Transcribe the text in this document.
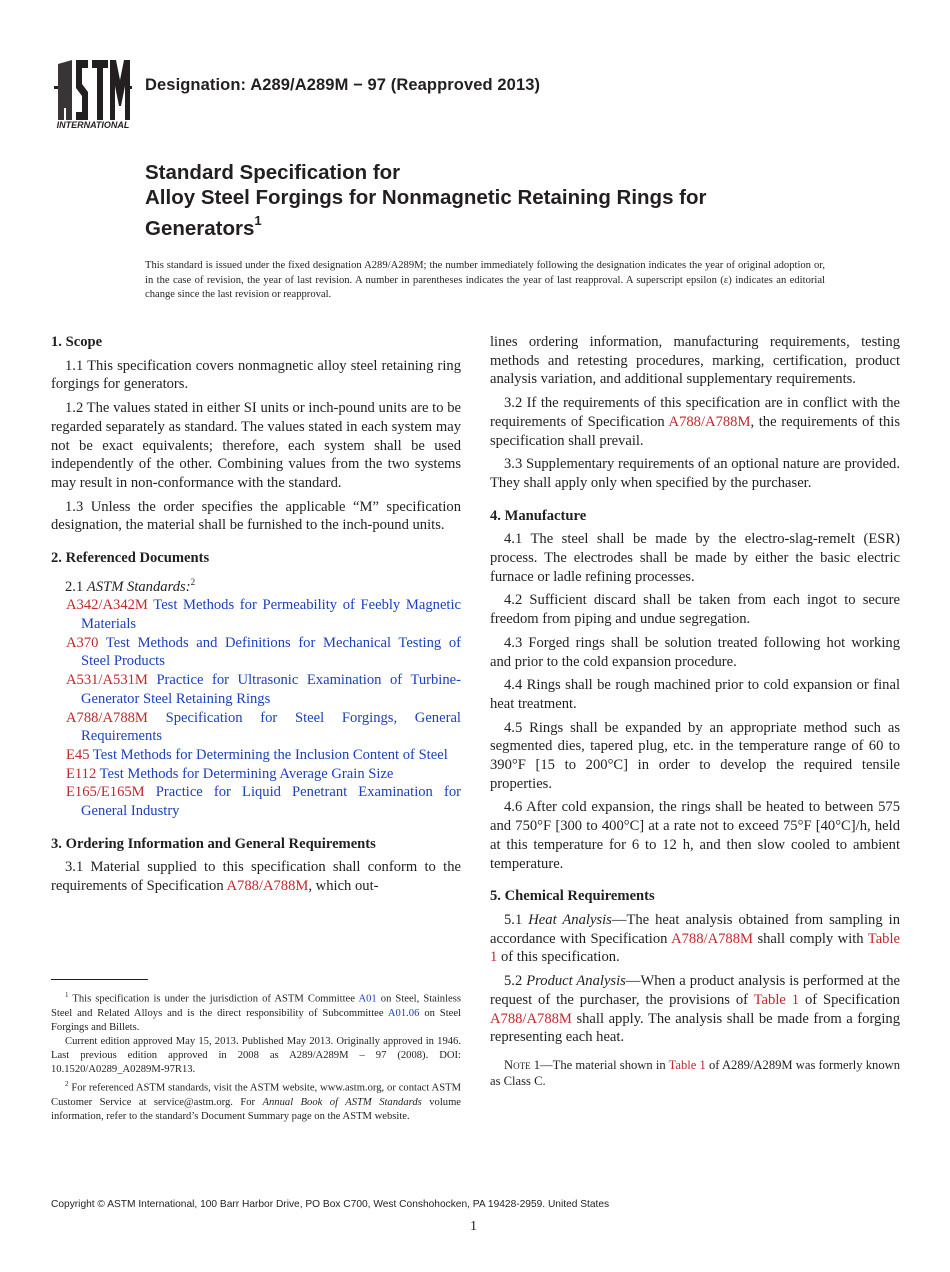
INTERNATIONAL
Designation: A289/A289M − 97 (Reapproved 2013)
Standard Specification for
Alloy Steel Forgings for Nonmagnetic Retaining Rings for
Generators$^1$
This standard is issued under the fixed designation A289/A289M; the number immediately following the designation indicates the year of original adoption or, in the case of revision, the year of last revision. A number in parentheses indicates the year of last reapproval. A superscript epsilon (ε) indicates an editorial change since the last revision or reapproval.
1. Scope

1.1 This specification covers nonmagnetic alloy steel retaining ring forgings for generators.

1.2 The values stated in either SI units or inch-pound units are to be regarded separately as standard. The values stated in each system may not be exact equivalents; therefore, each system shall be used independently of the other. Combining values from the two systems may result in non-conformance with the standard.

1.3 Unless the order specifies the applicable “M” specification designation, the material shall be furnished to the inch-pound units.

2. Referenced Documents

2.1 ASTM Standards:$^2$

A342/A342M Test Methods for Permeability of Feebly Magnetic Materials

A370 Test Methods and Definitions for Mechanical Testing of Steel Products

A531/A531M Practice for Ultrasonic Examination of Turbine-Generator Steel Retaining Rings

A788/A788M Specification for Steel Forgings, General Requirements

E45 Test Methods for Determining the Inclusion Content of Steel

E112 Test Methods for Determining Average Grain Size

E165/E165M Practice for Liquid Penetrant Examination for General Industry

3. Ordering Information and General Requirements

3.1 Material supplied to this specification shall conform to the requirements of Specification A788/A788M, which out-

$^1$ This specification is under the jurisdiction of ASTM Committee A01 on Steel, Stainless Steel and Related Alloys and is the direct responsibility of Subcommittee A01.06 on Steel Forgings and Billets.

Current edition approved May 15, 2013. Published May 2013. Originally approved in 1946. Last previous edition approved in 2008 as A289/A289M – 97 (2008). DOI: 10.1520/A0289_A0289M-97R13.

$^2$ For referenced ASTM standards, visit the ASTM website, www.astm.org, or contact ASTM Customer Service at service@astm.org. For Annual Book of ASTM Standards volume information, refer to the standard’s Document Summary page on the ASTM website.

lines ordering information, manufacturing requirements, testing methods and retesting procedures, marking, certification, product analysis variation, and additional supplementary requirements.

3.2 If the requirements of this specification are in conflict with the requirements of Specification A788/A788M, the requirements of this specification shall prevail.

3.3 Supplementary requirements of an optional nature are provided. They shall apply only when specified by the purchaser.

4. Manufacture

4.1 The steel shall be made by the electro-slag-remelt (ESR) process. The electrodes shall be made by either the basic electric furnace or ladle refining processes.

4.2 Sufficient discard shall be taken from each ingot to secure freedom from piping and undue segregation.

4.3 Forged rings shall be solution treated following hot working and prior to the cold expansion procedure.

4.4 Rings shall be rough machined prior to cold expansion or final heat treatment.

4.5 Rings shall be expanded by an appropriate method such as segmented dies, tapered plug, etc. in the temperature range of 60 to 390°F [15 to 200°C] in order to develop the required tensile properties.

4.6 After cold expansion, the rings shall be heated to between 575 and 750°F [300 to 400°C] at a rate not to exceed 75°F [40°C]/h, held at this temperature for 6 to 12 h, and then slow cooled to ambient temperature.

5. Chemical Requirements

5.1 Heat Analysis—The heat analysis obtained from sampling in accordance with Specification A788/A788M shall comply with Table 1 of this specification.

5.2 Product Analysis—When a product analysis is performed at the request of the purchaser, the provisions of Table 1 of Specification A788/A788M shall apply. The analysis shall be made from a forging representing each heat.

Note 1—The material shown in Table 1 of A289/A289M was formerly known as Class C.

Copyright © ASTM International, 100 Barr Harbor Drive, PO Box C700, West Conshohocken, PA 19428-2959. United States
1
